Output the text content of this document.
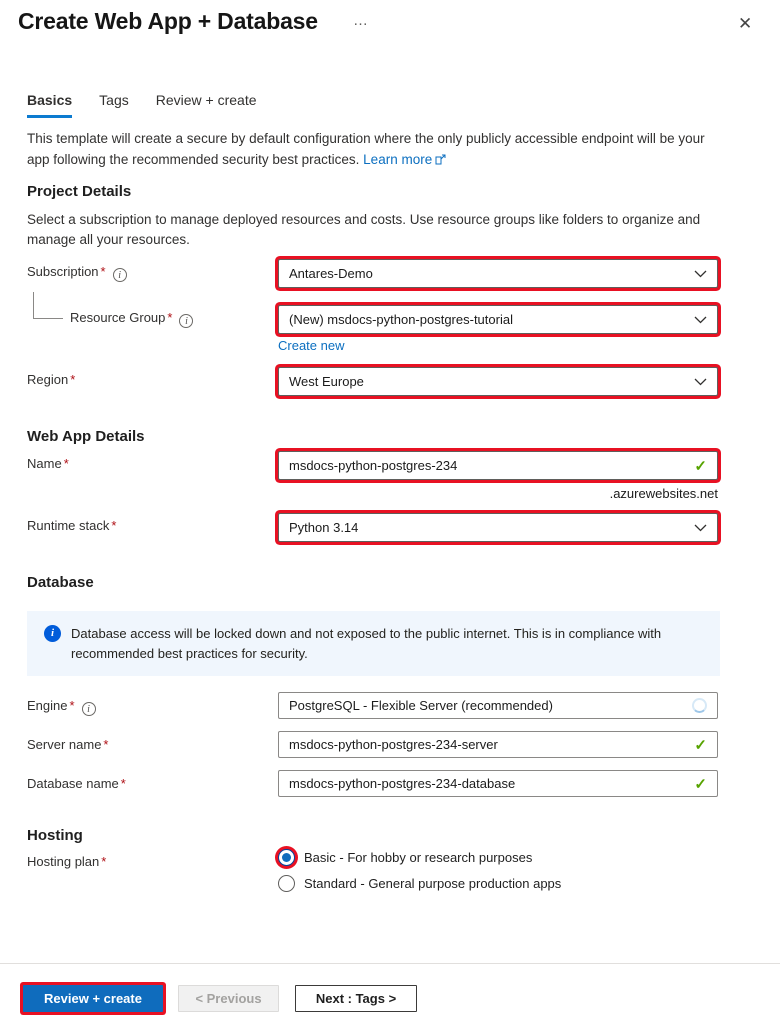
Create Web App + Database …	✕
Basics Tags Review + create
This template will create a secure by default configuration where the only publicly accessible endpoint will be your app following the recommended security best practices. Learn more
Project Details
Select a subscription to manage deployed resources and costs. Use resource groups like folders to organize and manage all your resources.
Subscription * i	Antares-Demo
Resource Group * i	(New) msdocs-python-postgres-tutorial
Create new
Region *	West Europe
Web App Details
Name *	msdocs-python-postgres-234	✓
.azurewebsites.net
Runtime stack *	Python 3.14
Database
i	Database access will be locked down and not exposed to the public internet. This is in compliance with recommended best practices for security.
Engine * i	PostgreSQL - Flexible Server (recommended)
Server name *	msdocs-python-postgres-234-server	✓
Database name *	msdocs-python-postgres-234-database	✓
Hosting
Hosting plan *	Basic - For hobby or research purposes
Standard - General purpose production apps
Review + create	< Previous	Next : Tags >
